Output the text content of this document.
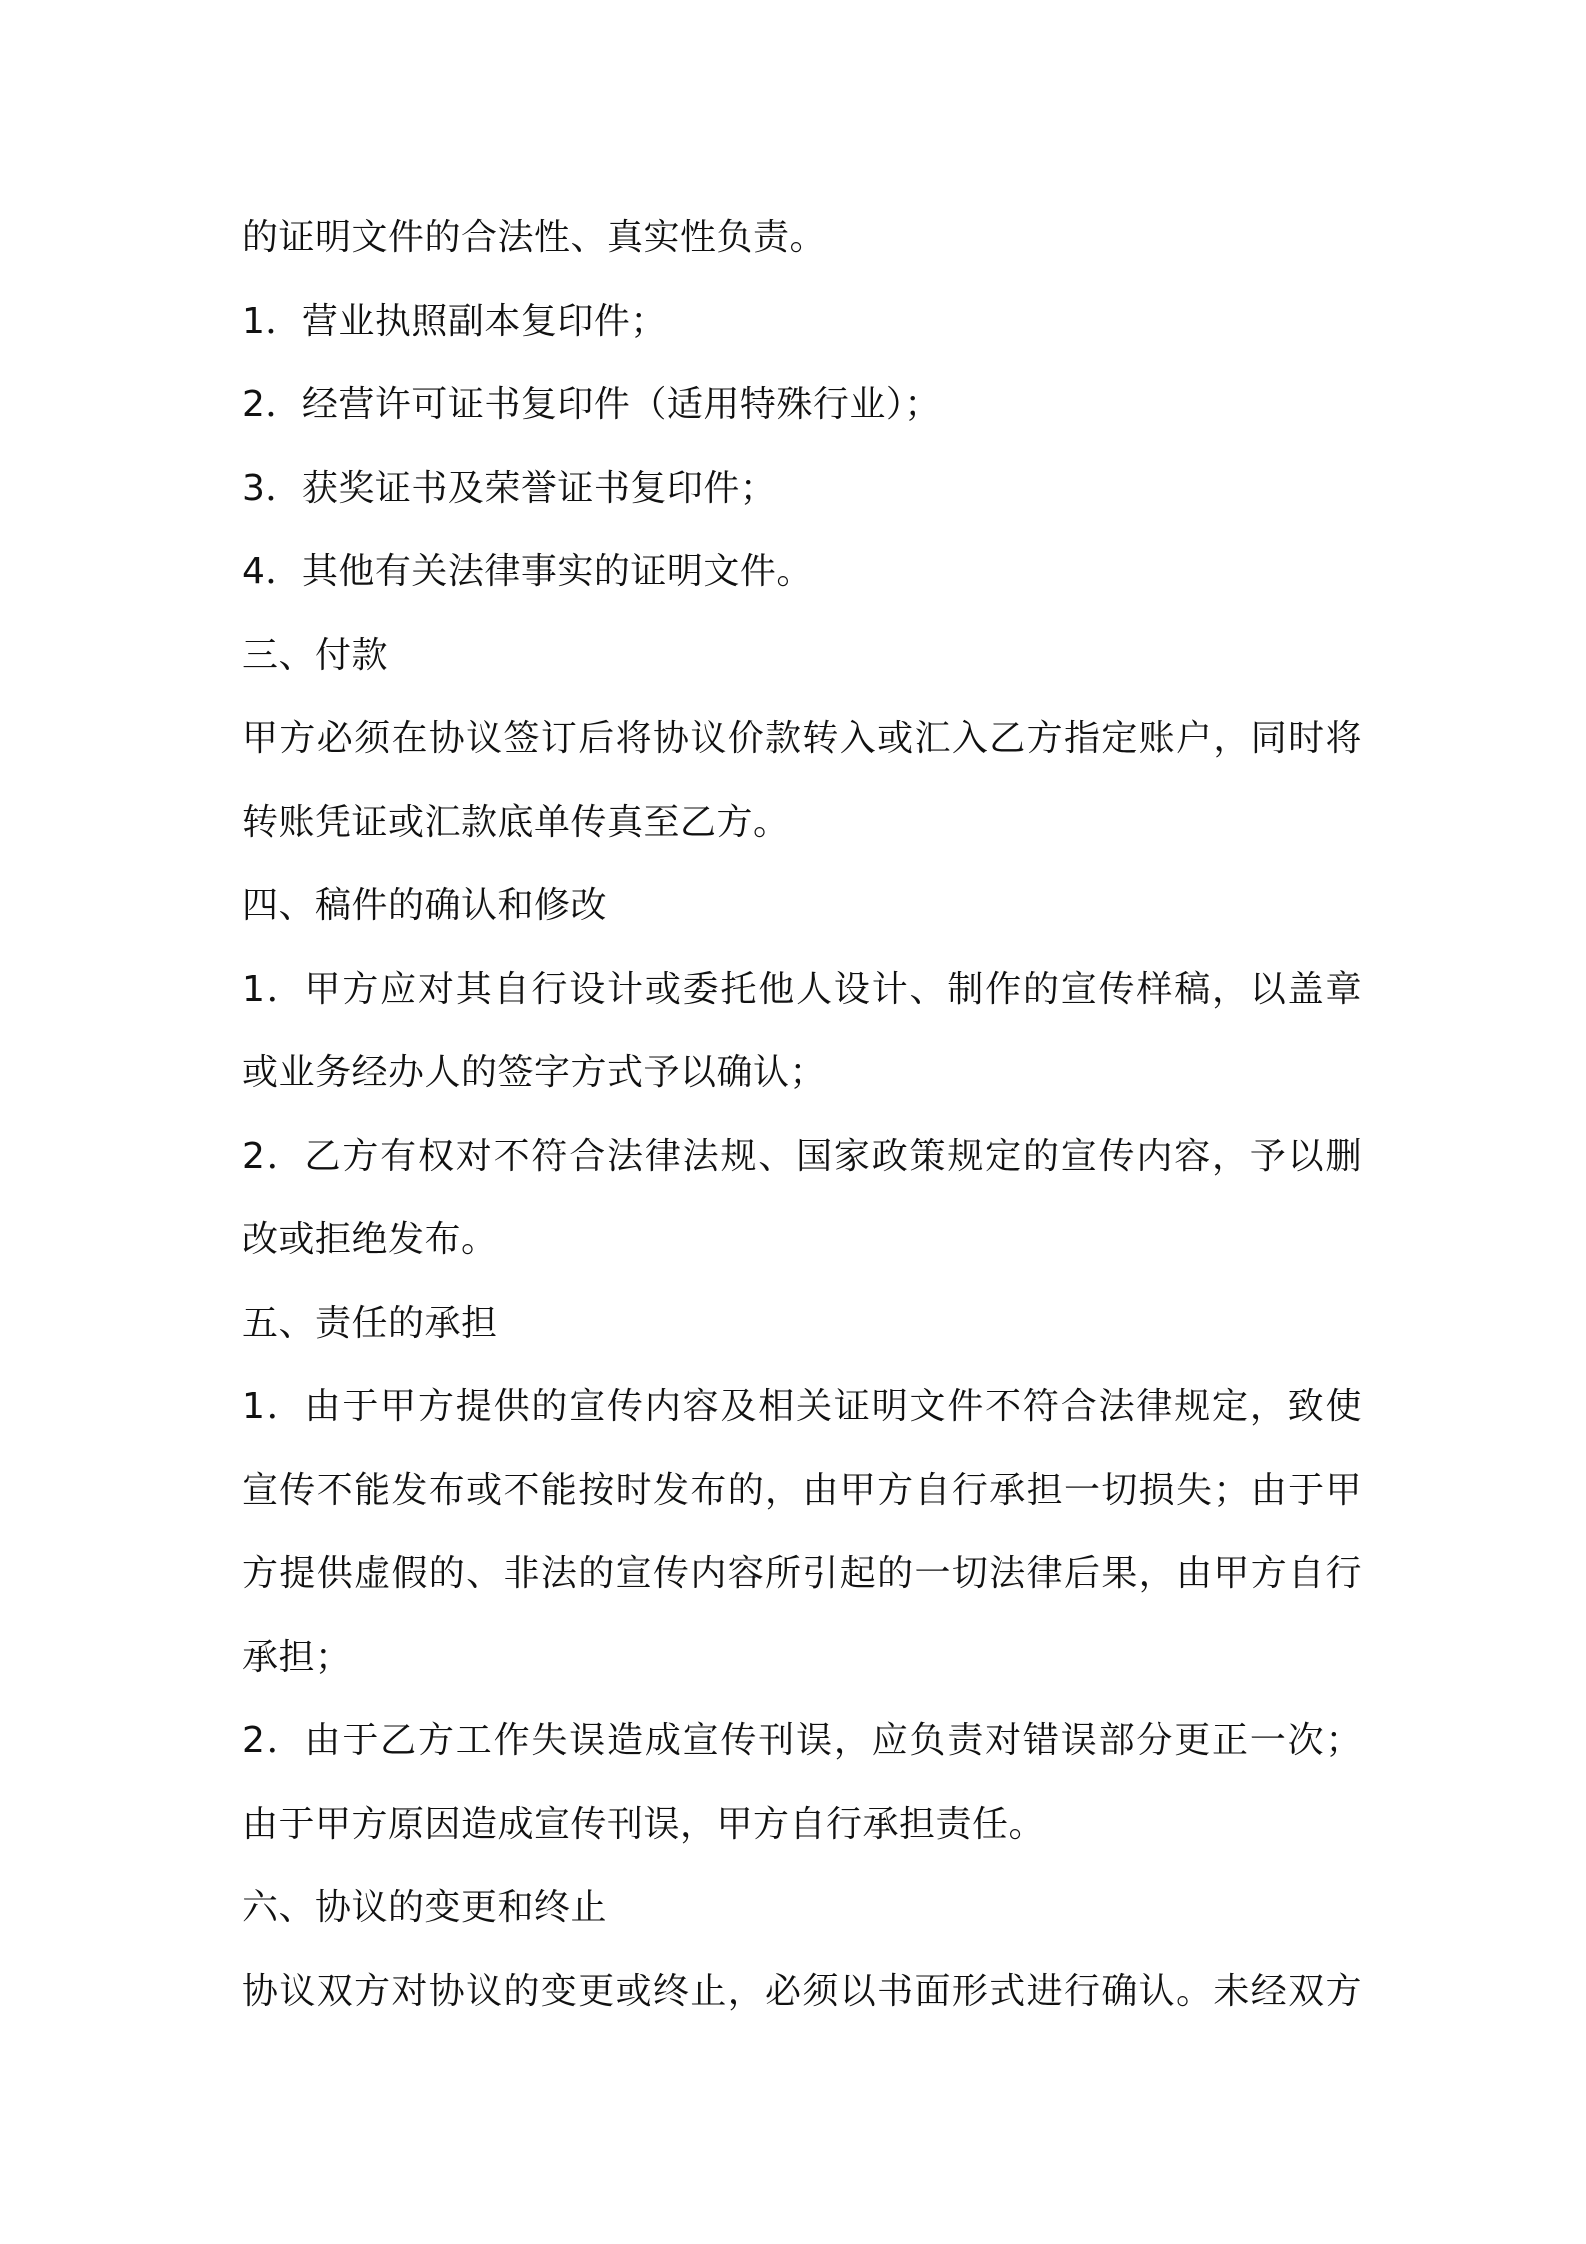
的证明文件的合法性、真实性负责。
1．营业执照副本复印件；
2．经营许可证书复印件（适用特殊行业）；
3．获奖证书及荣誉证书复印件；
4．其他有关法律事实的证明文件。
三、付款
甲方必须在协议签订后将协议价款转入或汇入乙方指定账户，同时将
转账凭证或汇款底单传真至乙方。
四、稿件的确认和修改
1．甲方应对其自行设计或委托他人设计、制作的宣传样稿，以盖章
或业务经办人的签字方式予以确认；
2．乙方有权对不符合法律法规、国家政策规定的宣传内容，予以删
改或拒绝发布。
五、责任的承担
1．由于甲方提供的宣传内容及相关证明文件不符合法律规定，致使
宣传不能发布或不能按时发布的，由甲方自行承担一切损失；由于甲
方提供虚假的、非法的宣传内容所引起的一切法律后果，由甲方自行
承担；
2．由于乙方工作失误造成宣传刊误，应负责对错误部分更正一次；
由于甲方原因造成宣传刊误，甲方自行承担责任。
六、协议的变更和终止
协议双方对协议的变更或终止，必须以书面形式进行确认。未经双方
